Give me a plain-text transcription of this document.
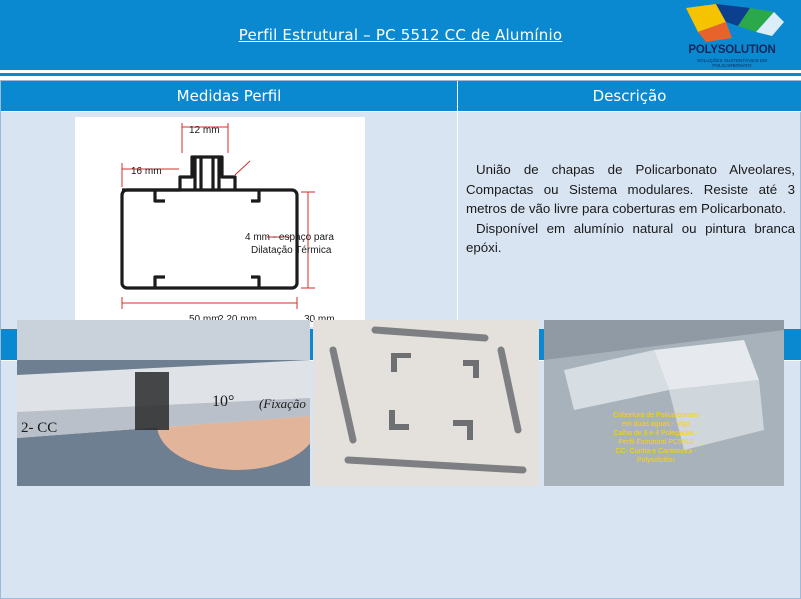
Perfil Estrutural – PC 5512 CC de Alumínio
POLYSOLUTION
SOLUÇÕES SUSTENTÁVEIS EM POLICARBONATO
Medidas Perfil	Descrição
12 mm
16 mm
4 mm - espaço para
Dilatação Térmica

União de chapas de Policarbonato Alveolares, Compactas ou Sistema modulares. Resiste até 3 metros de vão livre para coberturas em Policarbonato.

Disponível em alumínio natural ou pintura branca epóxi.

2- CC
10° (Fixação
Cobertura de Policarbonato
em duas aguas - Viga
Calha de 3 e 4 Polegadas -
Perfil Estrutural PC5512
CC- Cunha e Cantoneira -
Polysolution
